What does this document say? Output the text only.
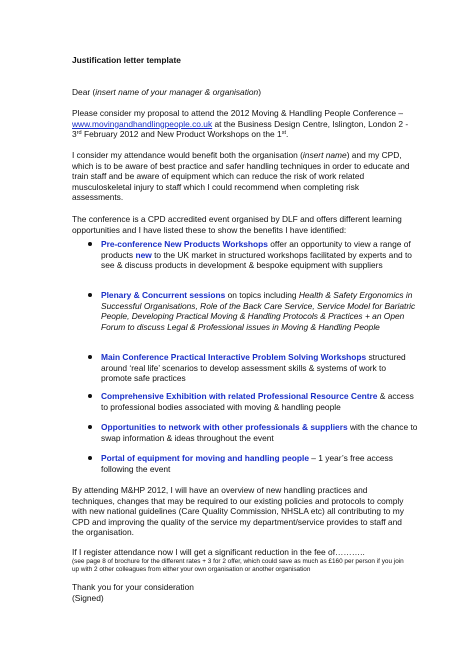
Justification letter template

Dear (insert name of your manager & organisation)

Please consider my proposal to attend the 2012 Moving & Handling People Conference – www.movingandhandlingpeople.co.uk at the Business Design Centre, Islington, London 2 - 3rd February 2012 and New Product Workshops on the 1st.

I consider my attendance would benefit both the organisation (insert name) and my CPD, which is to be aware of best practice and safer handling techniques in order to educate and train staff and be aware of equipment which can reduce the risk of work related musculoskeletal injury to staff which I could recommend when completing risk assessments.

The conference is a CPD accredited event organised by DLF and offers different learning opportunities and I have listed these to show the benefits I have identified:

Pre-conference New Products Workshops offer an opportunity to view a range of products new to the UK market in structured workshops facilitated by experts and to see & discuss products in development & bespoke equipment with suppliers
Plenary & Concurrent sessions on topics including Health & Safety Ergonomics in Successful Organisations, Role of the Back Care Service, Service Model for Bariatric People, Developing Practical Moving & Handling Protocols & Practices + an Open Forum to discuss Legal & Professional issues in Moving & Handling People
Main Conference Practical Interactive Problem Solving Workshops structured around ‘real life’ scenarios to develop assessment skills & systems of work to promote safe practices
Comprehensive Exhibition with related Professional Resource Centre & access to professional bodies associated with moving & handling people
Opportunities to network with other professionals & suppliers with the chance to swap information & ideas throughout the event
Portal of equipment for moving and handling people – 1 year’s free access following the event

By attending M&HP 2012, I will have an overview of new handling practices and techniques, changes that may be required to our existing policies and protocols to comply with new national guidelines (Care Quality Commission, NHSLA etc) all contributing to my CPD and improving the quality of the service my department/service provides to staff and the organisation.

If I register attendance now I will get a significant reduction in the fee of………..
(see page 8 of brochure for the different rates + 3 for 2 offer, which could save as much as £160 per person if you join up with 2 other colleagues from either your own organisation or another organisation
Thank you for your consideration
(Signed)
